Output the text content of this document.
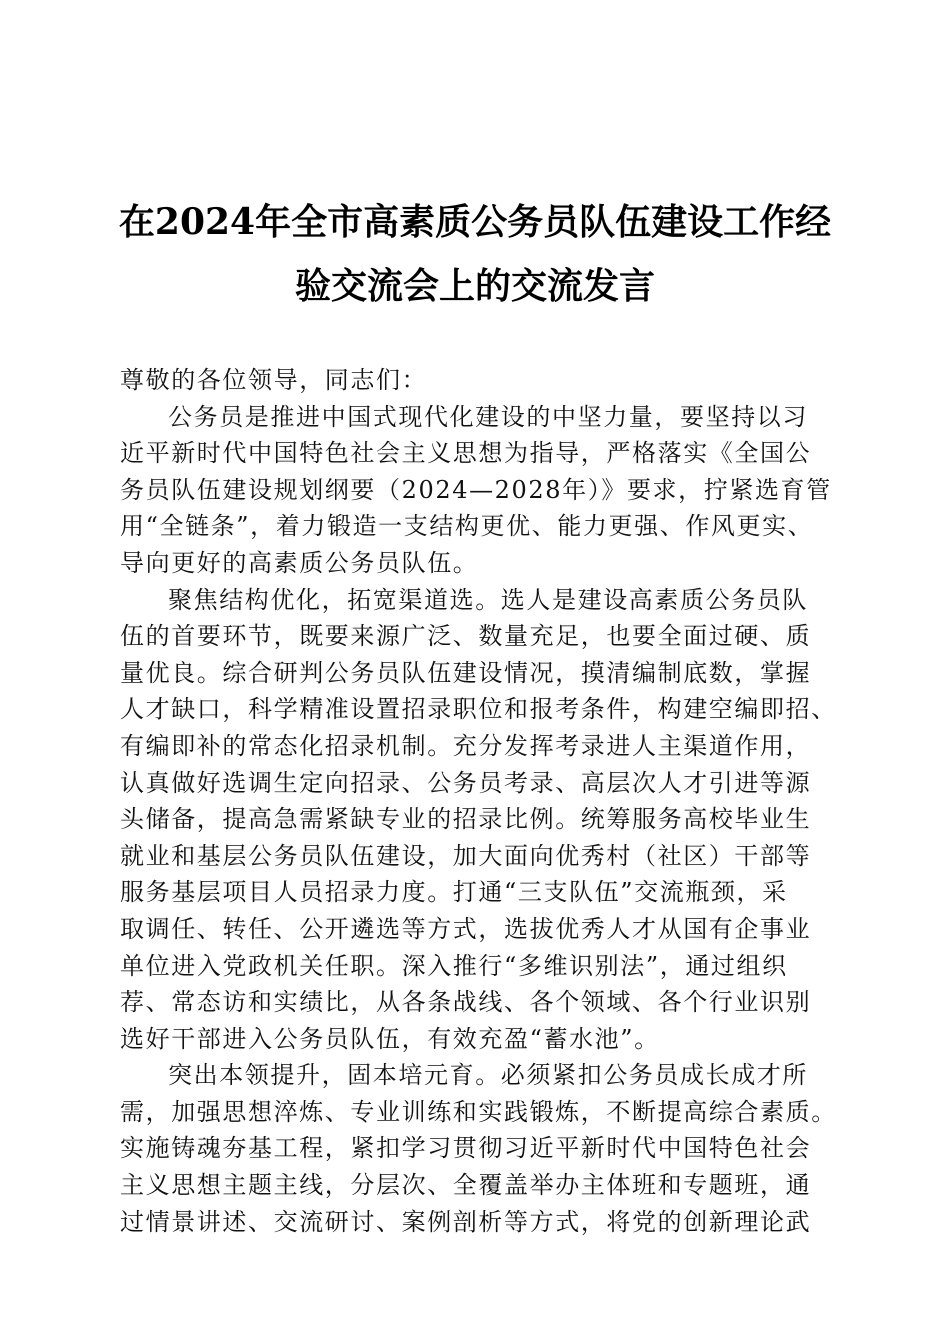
在2024年全市高素质公务员队伍建设工作经
验交流会上的交流发言
尊敬的各位领导，同志们：
公务员是推进中国式现代化建设的中坚力量，要坚持以习
近平新时代中国特色社会主义思想为指导，严格落实《全国公
务员队伍建设规划纲要（2024—2028年）》要求，拧紧选育管
用“全链条”，着力锻造一支结构更优、能力更强、作风更实、
导向更好的高素质公务员队伍。
聚焦结构优化，拓宽渠道选。选人是建设高素质公务员队
伍的首要环节，既要来源广泛、数量充足，也要全面过硬、质
量优良。综合研判公务员队伍建设情况，摸清编制底数，掌握
人才缺口，科学精准设置招录职位和报考条件，构建空编即招、
有编即补的常态化招录机制。充分发挥考录进人主渠道作用，
认真做好选调生定向招录、公务员考录、高层次人才引进等源
头储备，提高急需紧缺专业的招录比例。统筹服务高校毕业生
就业和基层公务员队伍建设，加大面向优秀村（社区）干部等
服务基层项目人员招录力度。打通“三支队伍”交流瓶颈，采
取调任、转任、公开遴选等方式，选拔优秀人才从国有企事业
单位进入党政机关任职。深入推行“多维识别法”，通过组织
荐、常态访和实绩比，从各条战线、各个领域、各个行业识别
选好干部进入公务员队伍，有效充盈“蓄水池”。
突出本领提升，固本培元育。必须紧扣公务员成长成才所
需，加强思想淬炼、专业训练和实践锻炼，不断提高综合素质。
实施铸魂夯基工程，紧扣学习贯彻习近平新时代中国特色社会
主义思想主题主线，分层次、全覆盖举办主体班和专题班，通
过情景讲述、交流研讨、案例剖析等方式，将党的创新理论武
